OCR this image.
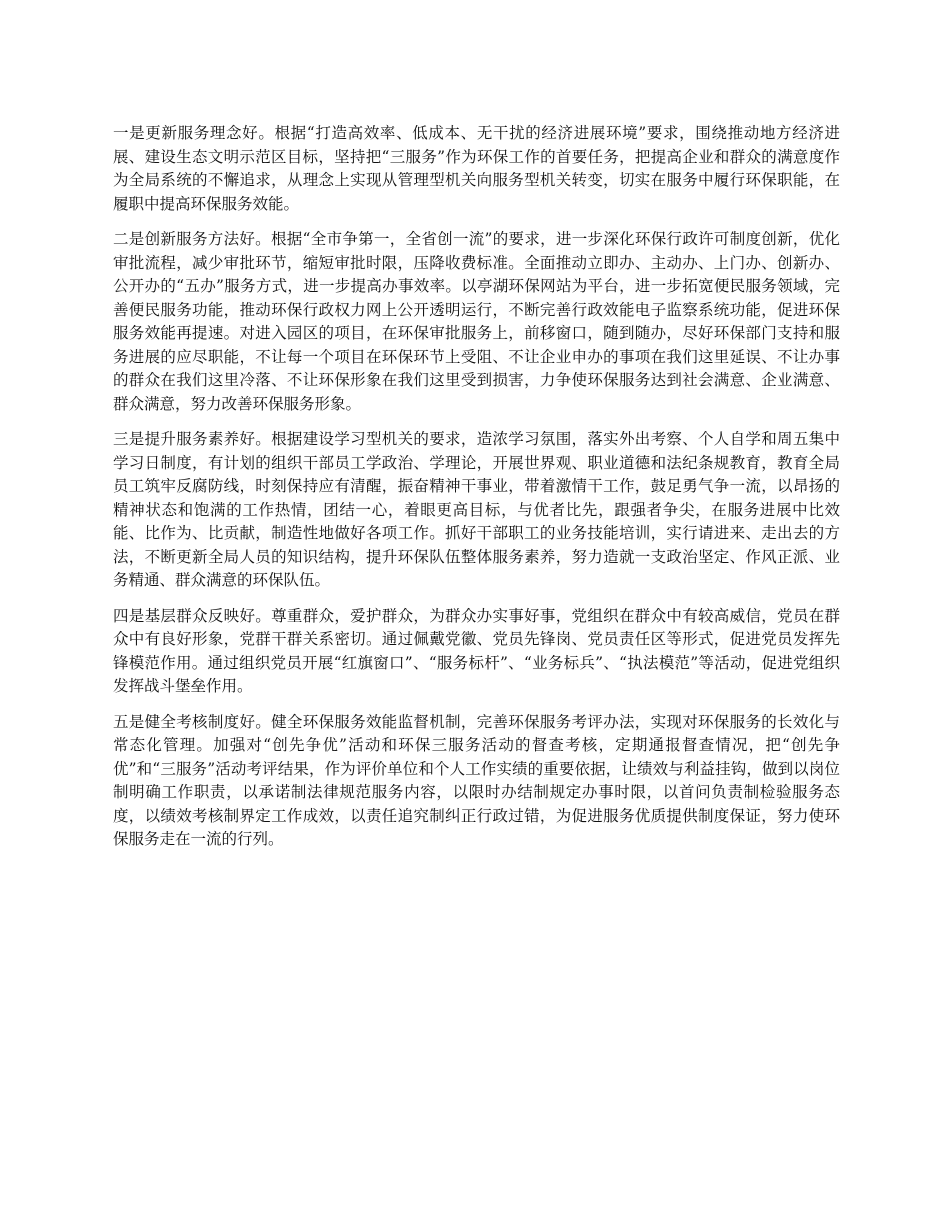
一是更新服务理念好。根据“打造高效率、低成本、无干扰的经济进展环境”要求，围绕推动地方经济进展、建设生态文明示范区目标，坚持把“三服务”作为环保工作的首要任务，把提高企业和群众的满意度作为全局系统的不懈追求，从理念上实现从管理型机关向服务型机关转变，切实在服务中履行环保职能，在履职中提高环保服务效能。

二是创新服务方法好。根据“全市争第一，全省创一流”的要求，进一步深化环保行政许可制度创新，优化审批流程，减少审批环节，缩短审批时限，压降收费标准。全面推动立即办、主动办、上门办、创新办、公开办的“五办”服务方式，进一步提高办事效率。以亭湖环保网站为平台，进一步拓宽便民服务领域，完善便民服务功能，推动环保行政权力网上公开透明运行，不断完善行政效能电子监察系统功能，促进环保服务效能再提速。对进入园区的项目，在环保审批服务上，前移窗口，随到随办，尽好环保部门支持和服务进展的应尽职能，不让每一个项目在环保环节上受阻、不让企业申办的事项在我们这里延误、不让办事的群众在我们这里冷落、不让环保形象在我们这里受到损害，力争使环保服务达到社会满意、企业满意、群众满意，努力改善环保服务形象。

三是提升服务素养好。根据建设学习型机关的要求，造浓学习氛围，落实外出考察、个人自学和周五集中学习日制度，有计划的组织干部员工学政治、学理论，开展世界观、职业道德和法纪条规教育，教育全局员工筑牢反腐防线，时刻保持应有清醒，振奋精神干事业，带着激情干工作，鼓足勇气争一流，以昂扬的精神状态和饱满的工作热情，团结一心，着眼更高目标，与优者比先，跟强者争尖，在服务进展中比效能、比作为、比贡献，制造性地做好各项工作。抓好干部职工的业务技能培训，实行请进来、走出去的方法，不断更新全局人员的知识结构，提升环保队伍整体服务素养，努力造就一支政治坚定、作风正派、业务精通、群众满意的环保队伍。

四是基层群众反映好。尊重群众，爱护群众，为群众办实事好事，党组织在群众中有较高威信，党员在群众中有良好形象，党群干群关系密切。通过佩戴党徽、党员先锋岗、党员责任区等形式，促进党员发挥先锋模范作用。通过组织党员开展“红旗窗口”、“服务标杆”、“业务标兵”、“执法模范”等活动，促进党组织发挥战斗堡垒作用。

五是健全考核制度好。健全环保服务效能监督机制，完善环保服务考评办法，实现对环保服务的长效化与常态化管理。加强对“创先争优”活动和环保三服务活动的督查考核，定期通报督查情况，把“创先争优”和“三服务”活动考评结果，作为评价单位和个人工作实绩的重要依据，让绩效与利益挂钩，做到以岗位制明确工作职责，以承诺制法律规范服务内容，以限时办结制规定办事时限，以首问负责制检验服务态度，以绩效考核制界定工作成效，以责任追究制纠正行政过错，为促进服务优质提供制度保证，努力使环保服务走在一流的行列。
